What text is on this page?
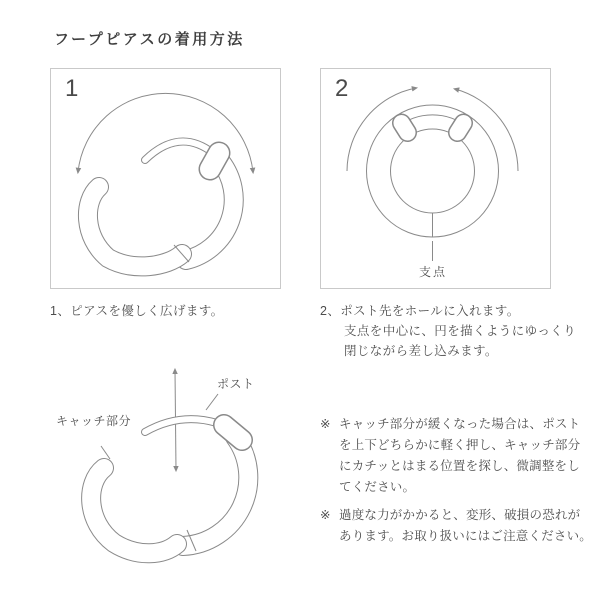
フープピアスの着用方法
1	2
支点

1、ピアスを優しく広げます。	2、ポスト先をホールに入れます。
支点を中心に、円を描くようにゆっくり
閉じながら差し込みます。
ポスト
キャッチ部分	※ キャッチ部分が緩くなった場合は、ポスト
を上下どちらかに軽く押し、キャッチ部分
にカチッとはまる位置を探し、微調整をし
てください。
※ 過度な力がかかると、変形、破損の恐れが
あります。お取り扱いにはご注意ください。
